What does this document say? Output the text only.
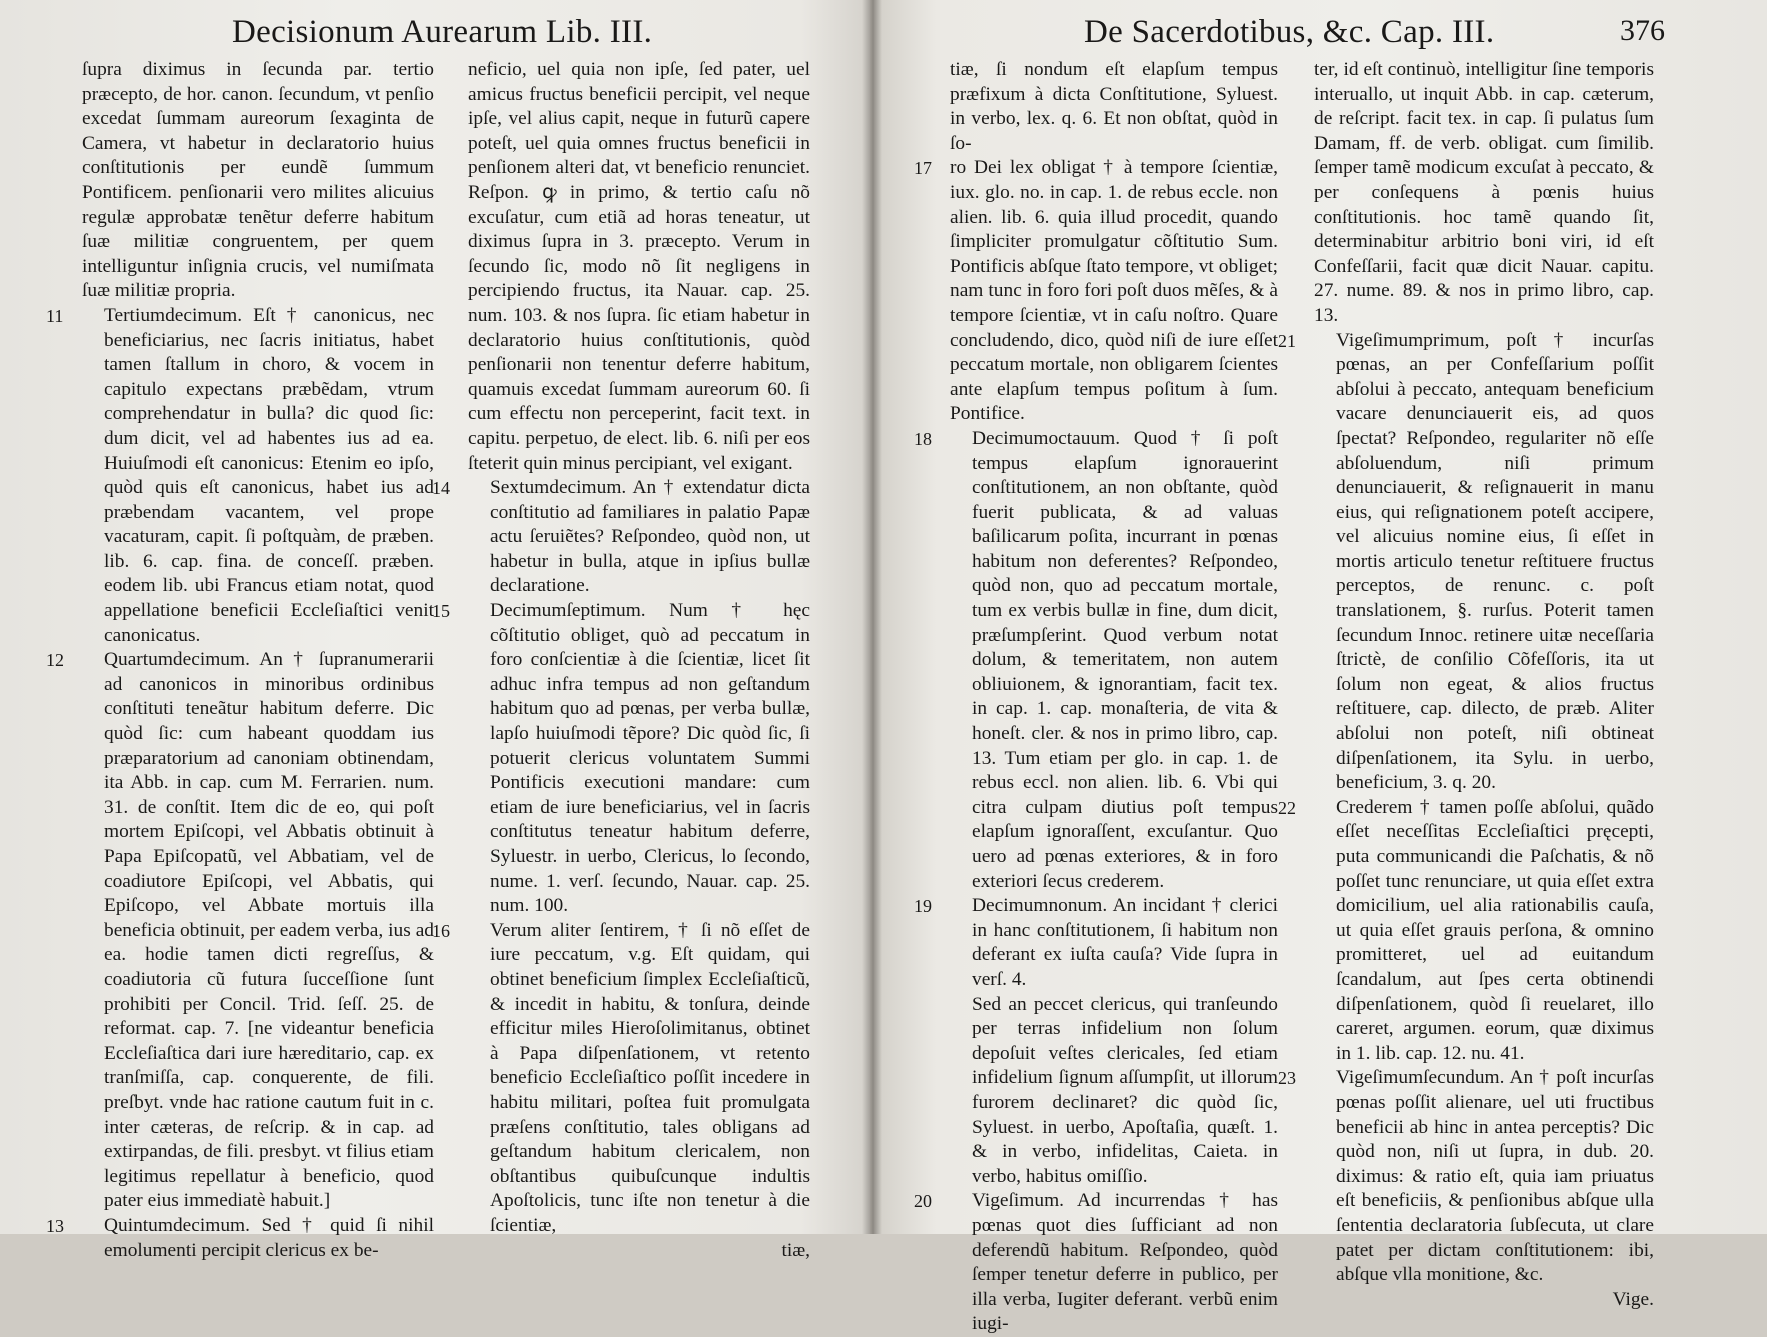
Decisionum Aurearum Lib. III.

ſupra diximus in ſecunda par. tertio præcepto, de hor. canon. ſecundum, vt penſio excedat ſummam aureorum ſexaginta de Camera, vt habetur in declaratorio huius conſtitutionis per eundẽ ſummum Pontificem. penſionarii vero milites alicuius regulæ approbatæ tenẽtur deferre habitum ſuæ militiæ congruentem, per quem intelliguntur inſignia crucis, vel numiſmata ſuæ militiæ propria.

11	Tertiumdecimum. Eſt † canonicus, nec beneficiarius, nec ſacris initiatus, habet tamen ſtallum in choro, & vocem in capitulo expectans præbẽdam, vtrum comprehendatur in bulla? dic quod ſic: dum dicit, vel ad habentes ius ad ea. Huiuſmodi eſt canonicus: Etenim eo ipſo, quòd quis eſt canonicus, habet ius ad præbendam vacantem, vel prope vacaturam, capit. ſi poſtquàm, de præben. lib. 6. cap. fina. de conceſſ. præben. eodem lib. ubi Francus etiam notat, quod appellatione beneficii Eccleſiaſtici venit canonicatus.

12	Quartumdecimum. An † ſupranumerarii ad canonicos in minoribus ordinibus conſtituti teneãtur habitum deferre. Dic quòd ſic: cum habeant quoddam ius præparatorium ad canoniam obtinendam, ita Abb. in cap. cum M. Ferrarien. num. 31. de conſtit. Item dic de eo, qui poſt mortem Epiſcopi, vel Abbatis obtinuit à Papa Epiſcopatũ, vel Abbatiam, vel de coadiutore Epiſcopi, vel Abbatis, qui Epiſcopo, vel Abbate mortuis illa beneficia obtinuit, per eadem verba, ius ad ea. hodie tamen dicti regreſſus, & coadiutoria cũ futura ſucceſſione ſunt prohibiti per Concil. Trid. ſeſſ. 25. de reformat. cap. 7. [ne videantur beneficia Eccleſiaſtica dari iure hæreditario, cap. ex tranſmiſſa, cap. conquerente, de fili. preſbyt. vnde hac ratione cautum fuit in c. inter cæteras, de reſcrip. & in cap. ad extirpandas, de fili. presbyt. vt filius etiam legitimus repellatur à beneficio, quod pater eius immediatè habuit.]

13	Quintumdecimum. Sed † quid ſi nihil emolumenti percipit clericus ex be-

neficio, uel quia non ipſe, ſed pater, uel amicus fructus beneficii percipit, vel neque ipſe, vel alius capit, neque in futurũ capere poteſt, uel quia omnes fructus beneficii in penſionem alteri dat, vt beneficio renunciet. Reſpon. ꝙ in primo, & tertio caſu nõ excuſatur, cum etiã ad horas teneatur, ut diximus ſupra in 3. præcepto. Verum in ſecundo ſic, modo nõ ſit negligens in percipiendo fructus, ita Nauar. cap. 25. num. 103. & nos ſupra. ſic etiam habetur in declaratorio huius conſtitutionis, quòd penſionarii non tenentur deferre habitum, quamuis excedat ſummam aureorum 60. ſi cum effectu non perceperint, facit text. in capitu. perpetuo, de elect. lib. 6. niſi per eos ſteterit quin minus percipiant, vel exigant.

14	Sextumdecimum. An † extendatur dicta conſtitutio ad familiares in palatio Papæ actu ſeruiẽtes? Reſpondeo, quòd non, ut habetur in bulla, atque in ipſius bullæ declaratione.

15	Decimumſeptimum. Num † hęc cõſtitutio obliget, quò ad peccatum in foro conſcientiæ à die ſcientiæ, licet ſit adhuc infra tempus ad non geſtandum habitum quo ad pœnas, per verba bullæ, lapſo huiuſmodi tẽpore? Dic quòd ſic, ſi potuerit clericus voluntatem Summi Pontificis executioni mandare: cum etiam de iure beneficiarius, vel in ſacris conſtitutus teneatur habitum deferre, Syluestr. in uerbo, Clericus, lo ſecondo, nume. 1. verſ. ſecundo, Nauar. cap. 25. num. 100.

16	Verum aliter ſentirem, † ſi nõ eſſet de iure peccatum, v.g. Eſt quidam, qui obtinet beneficium ſimplex Eccleſiaſticũ, & incedit in habitu, & tonſura, deinde efficitur miles Hieroſolimitanus, obtinet à Papa diſpenſationem, vt retento beneficio Eccleſiaſtico poſſit incedere in habitu militari, poſtea fuit promulgata præſens conſtitutio, tales obligans ad geſtandum habitum clericalem, non obſtantibus quibuſcunque indultis Apoſtolicis, tunc iſte non tenetur à die ſcientiæ,

tiæ,
De Sacerdotibus, &c. Cap. III.	376

tiæ, ſi nondum eſt elapſum tempus præfixum à dicta Conſtitutione, Syluest. in verbo, lex. q. 6. Et non obſtat, quòd in ſo-

17 ro Dei lex obligat † à tempore ſcientiæ, iux. glo. no. in cap. 1. de rebus eccle. non alien. lib. 6. quia illud procedit, quando ſimpliciter promulgatur cõſtitutio Sum. Pontificis abſque ſtato tempore, vt obliget; nam tunc in foro fori poſt duos mẽſes, & à tempore ſcientiæ, vt in caſu noſtro. Quare concludendo, dico, quòd niſi de iure eſſet peccatum mortale, non obligarem ſcientes ante elapſum tempus poſitum à ſum. Pontifice.

18	Decimumoctauum. Quod † ſi poſt tempus elapſum ignorauerint conſtitutionem, an non obſtante, quòd fuerit publicata, & ad valuas baſilicarum poſita, incurrant in pœnas habitum non deferentes? Reſpondeo, quòd non, quo ad peccatum mortale, tum ex verbis bullæ in fine, dum dicit, præſumpſerint. Quod verbum notat dolum, & temeritatem, non autem obliuionem, & ignorantiam, facit tex. in cap. 1. cap. monaſteria, de vita & honeſt. cler. & nos in primo libro, cap. 13. Tum etiam per glo. in cap. 1. de rebus eccl. non alien. lib. 6. Vbi qui citra culpam diutius poſt tempus elapſum ignoraſſent, excuſantur. Quo uero ad pœnas exteriores, & in foro exteriori ſecus crederem.

19	Decimumnonum. An incidant † clerici in hanc conſtitutionem, ſi habitum non deferant ex iuſta cauſa? Vide ſupra in verſ. 4.

Sed an peccet clericus, qui tranſeundo per terras infidelium non ſolum depoſuit veſtes clericales, ſed etiam infidelium ſignum aſſumpſit, ut illorum furorem declinaret? dic quòd ſic, Syluest. in uerbo, Apoſtaſia, quæſt. 1. & in verbo, infidelitas, Caieta. in verbo, habitus omiſſio.

20	Vigeſimum. Ad incurrendas † has pœnas quot dies ſufficiant ad non deferendũ habitum. Reſpondeo, quòd ſemper tenetur deferre in publico, per illa verba, Iugiter deferant. verbũ enim iugi-

ter, id eſt continuò, intelligitur ſine temporis interuallo, ut inquit Abb. in cap. cæterum, de reſcript. facit tex. in cap. ſi pulatus ſum Damam, ff. de verb. obligat. cum ſimilib. ſemper tamẽ modicum excuſat à peccato, & per conſequens à pœnis huius conſtitutionis. hoc tamẽ quando ſit, determinabitur arbitrio boni viri, id eſt Confeſſarii, facit quæ dicit Nauar. capitu. 27. nume. 89. & nos in primo libro, cap. 13.

21	Vigeſimumprimum, poſt † incurſas pœnas, an per Confeſſarium poſſit abſolui à peccato, antequam beneficium vacare denunciauerit eis, ad quos ſpectat? Reſpondeo, regulariter nõ eſſe abſoluendum, niſi primum denunciauerit, & reſignauerit in manu eius, qui reſignationem poteſt accipere, vel alicuius nomine eius, ſi eſſet in mortis articulo tenetur reſtituere fructus perceptos, de renunc. c. poſt translationem, §. rurſus. Poterit tamen ſecundum Innoc. retinere uitæ neceſſaria ſtrictè, de conſilio Cõfeſſoris, ita ut ſolum non egeat, & alios fructus reſtituere, cap. dilecto, de præb. Aliter abſolui non poteſt, niſi obtineat diſpenſationem, ita Sylu. in uerbo, beneficium, 3. q. 20.

22	Crederem † tamen poſſe abſolui, quãdo eſſet neceſſitas Eccleſiaſtici pręcepti, puta communicandi die Paſchatis, & nõ poſſet tunc renunciare, ut quia eſſet extra domicilium, uel alia rationabilis cauſa, ut quia eſſet grauis perſona, & omnino promitteret, uel ad euitandum ſcandalum, aut ſpes certa obtinendi diſpenſationem, quòd ſi reuelaret, illo careret, argumen. eorum, quæ diximus in 1. lib. cap. 12. nu. 41.

23	Vigeſimumſecundum. An † poſt incurſas pœnas poſſit alienare, uel uti fructibus beneficii ab hinc in antea perceptis? Dic quòd non, niſi ut ſupra, in dub. 20. diximus: & ratio eſt, quia iam priuatus eſt beneficiis, & penſionibus abſque ulla ſententia declaratoria ſubſecuta, ut clare patet per dictam conſtitutionem: ibi, abſque vlla monitione, &c.

Vige.
